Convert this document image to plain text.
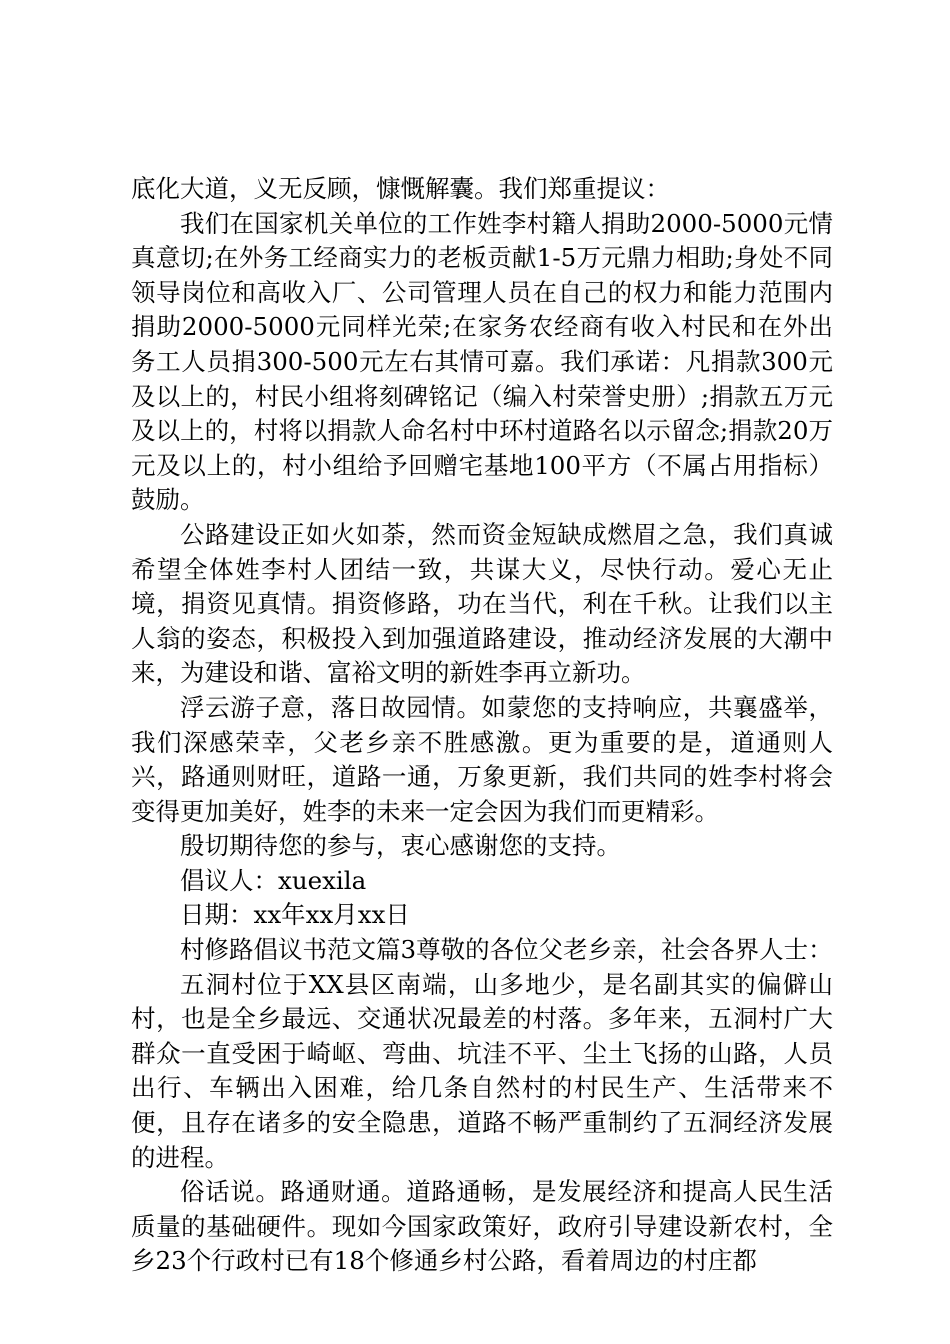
底化大道，义无反顾，慷慨解囊。我们郑重提议：

我们在国家机关单位的工作姓李村籍人捐助2000-5000元情真意切;在外务工经商实力的老板贡献1-5万元鼎力相助;身处不同领导岗位和高收入厂、公司管理人员在自己的权力和能力范围内捐助2000-5000元同样光荣;在家务农经商有收入村民和在外出务工人员捐300-500元左右其情可嘉。我们承诺：凡捐款300元及以上的，村民小组将刻碑铭记（编入村荣誉史册）;捐款五万元及以上的，村将以捐款人命名村中环村道路名以示留念;捐款20万元及以上的，村小组给予回赠宅基地100平方（不属占用指标）鼓励。

公路建设正如火如荼，然而资金短缺成燃眉之急，我们真诚希望全体姓李村人团结一致，共谋大义，尽快行动。爱心无止境，捐资见真情。捐资修路，功在当代，利在千秋。让我们以主人翁的姿态，积极投入到加强道路建设，推动经济发展的大潮中来，为建设和谐、富裕文明的新姓李再立新功。

浮云游子意，落日故园情。如蒙您的支持响应，共襄盛举，我们深感荣幸，父老乡亲不胜感激。更为重要的是，道通则人兴，路通则财旺，道路一通，万象更新，我们共同的姓李村将会变得更加美好，姓李的未来一定会因为我们而更精彩。

殷切期待您的参与，衷心感谢您的支持。

倡议人：xuexila

日期：xx年xx月xx日

村修路倡议书范文篇3尊敬的各位父老乡亲，社会各界人士：

五洞村位于XX县区南端，山多地少，是名副其实的偏僻山村，也是全乡最远、交通状况最差的村落。多年来，五洞村广大群众一直受困于崎岖、弯曲、坑洼不平、尘土飞扬的山路，人员出行、车辆出入困难，给几条自然村的村民生产、生活带来不便，且存在诸多的安全隐患，道路不畅严重制约了五洞经济发展的进程。

俗话说。路通财通。道路通畅，是发展经济和提高人民生活质量的基础硬件。现如今国家政策好，政府引导建设新农村，全乡23个行政村已有18个修通乡村公路，看着周边的村庄都
